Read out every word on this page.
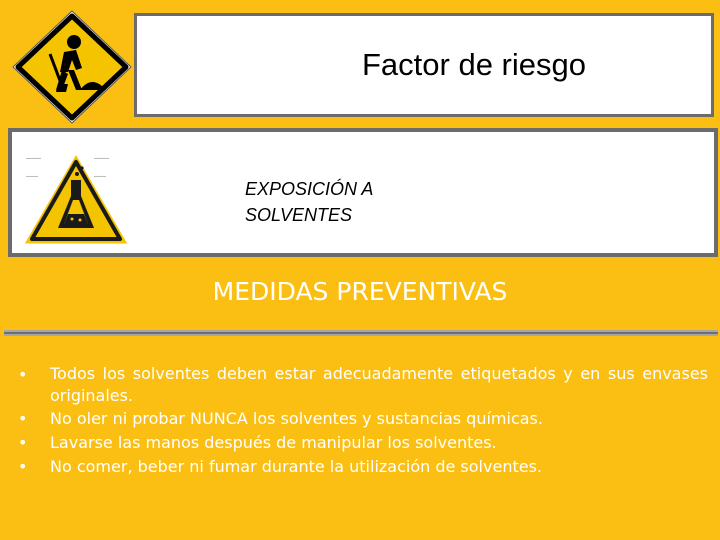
Factor de riesgo
━━━━━	━━━━━
━━━━	━━━━
EXPOSICIÓN A
SOLVENTES
MEDIDAS PREVENTIVAS
• Todos los solventes deben estar adecuadamente etiquetados y en sus envases originales.
• No oler ni probar NUNCA los solventes y sustancias químicas.
• Lavarse las manos después de manipular los solventes.
• No comer, beber ni fumar durante la utilización de solventes.
